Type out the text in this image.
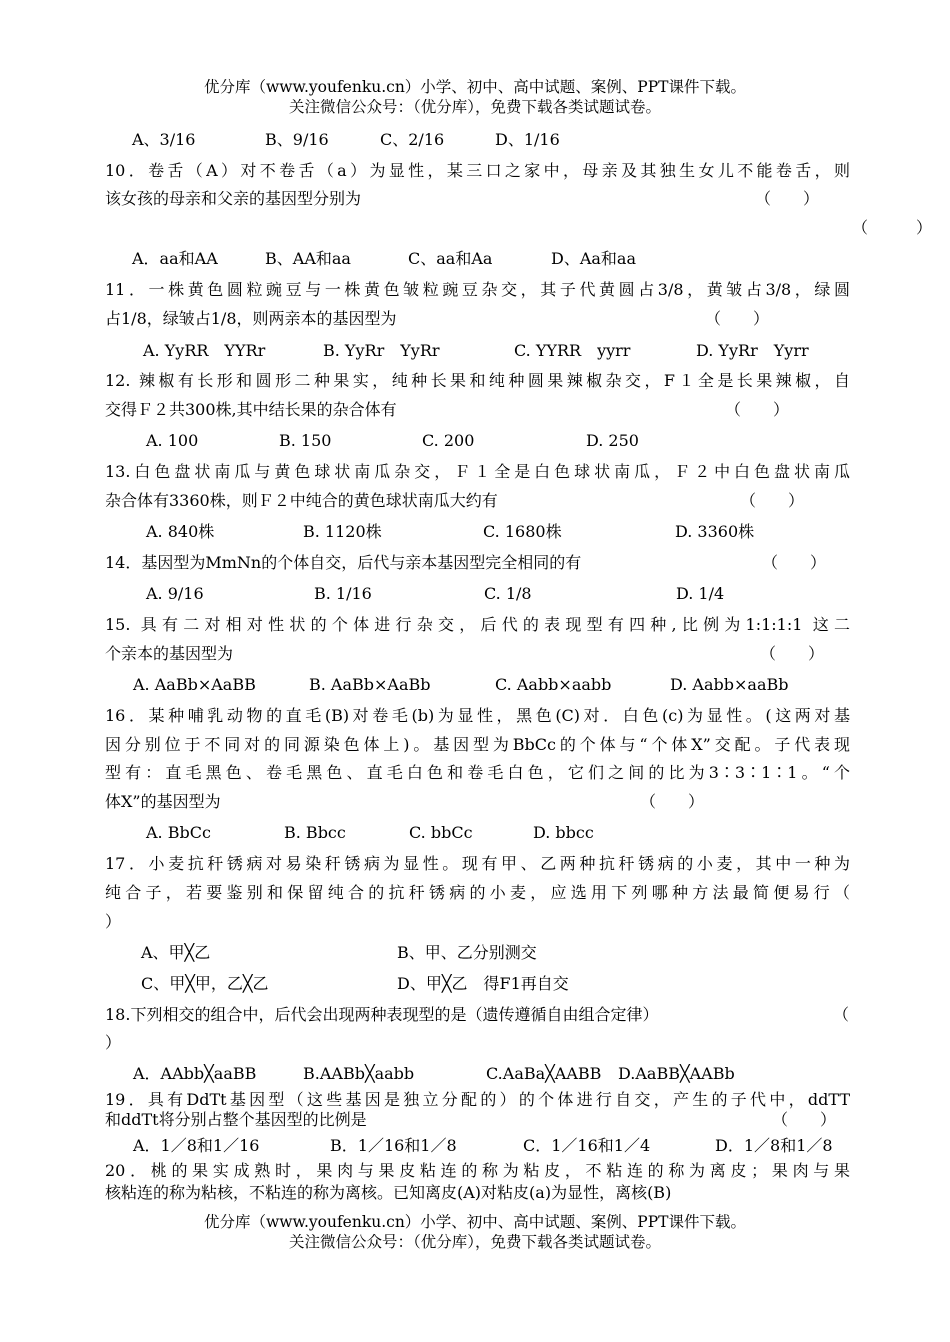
优分库（www.youfenku.cn）小学、初中、高中试题、案例、PPT课件下载。
关注微信公众号：（优分库），免费下载各类试题试卷。
A、3/16	B、9/16	C、2/16	D、1/16
10．卷舌（A）对不卷舌（a）为显性，某三口之家中，母亲及其独生女儿不能卷舌，则
该女孩的母亲和父亲的基因型分别为	（　　）
（　　　）
A．aa和AA	B、AA和aa	C、aa和Aa	D、Aa和aa
11．一株黄色圆粒豌豆与一株黄色皱粒豌豆杂交，其子代黄圆占3/8，黄皱占3/8，绿圆
占1/8，绿皱占1/8，则两亲本的基因型为	（　　）
A. YyRR　YYRr	B. YyRr　YyRr	C. YYRR　yyrr	D. YyRr　Yyrr
12. 辣椒有长形和圆形二种果实，纯种长果和纯种圆果辣椒杂交，F１全是长果辣椒，自
交得Ｆ２共300株,其中结长果的杂合体有	（　　）
A. 100	B. 150	C. 200	D. 250
13.白色盘状南瓜与黄色球状南瓜杂交，Ｆ１全是白色球状南瓜，Ｆ２中白色盘状南瓜
杂合体有3360株，则Ｆ２中纯合的黄色球状南瓜大约有	（　　）
A. 840株	B. 1120株	C. 1680株	D. 3360株
14．基因型为MmNn的个体自交，后代与亲本基因型完全相同的有	（　　）
A. 9/16	B. 1/16	C. 1/8	D. 1/4
15. 具有二对相对性状的个体进行杂交，后代的表现型有四种,比例为1:1:1:1 这二
个亲本的基因型为	（　　）
A. AaBb×AaBB	B. AaBb×AaBb	C. Aabb×aabb	D. Aabb×aaBb
16．某种哺乳动物的直毛(B)对卷毛(b)为显性，黑色(C)对．白色(c)为显性。(这两对基
因分别位于不同对的同源染色体上)。基因型为BbCc的个体与“个体X”交配。子代表现
型有：直毛黑色、卷毛黑色、直毛白色和卷毛白色，它们之间的比为3∶3∶1∶1。“个
体X”的基因型为	（　　）
A. BbCc	B. Bbcc	C. bbCc	D. bbcc
17．小麦抗秆锈病对易染秆锈病为显性。现有甲、乙两种抗秆锈病的小麦，其中一种为
纯合子，若要鉴别和保留纯合的抗秆锈病的小麦，应选用下列哪种方法最简便易行（
）
A、甲╳乙	B、甲、乙分别测交
C、甲╳甲，乙╳乙	D、甲╳乙　得F1再自交
18.下列相交的组合中，后代会出现两种表现型的是（遗传遵循自由组合定律）	（
）
A．AAbb╳aaBB	B.AABb╳aabb	C.AaBa╳AABB	D.AaBB╳AABb
19．具有DdTt基因型（这些基因是独立分配的）的个体进行自交，产生的子代中，ddTT
和ddTt将分别占整个基因型的比例是	（　　）
A．1／8和1／16	B．1／16和1／8	C．1／16和1／4	D．1／8和1／8
20．桃的果实成熟时，果肉与果皮粘连的称为粘皮，不粘连的称为离皮；果肉与果
核粘连的称为粘核，不粘连的称为离核。已知离皮(A)对粘皮(a)为显性，离核(B)
优分库（www.youfenku.cn）小学、初中、高中试题、案例、PPT课件下载。
关注微信公众号：（优分库），免费下载各类试题试卷。
